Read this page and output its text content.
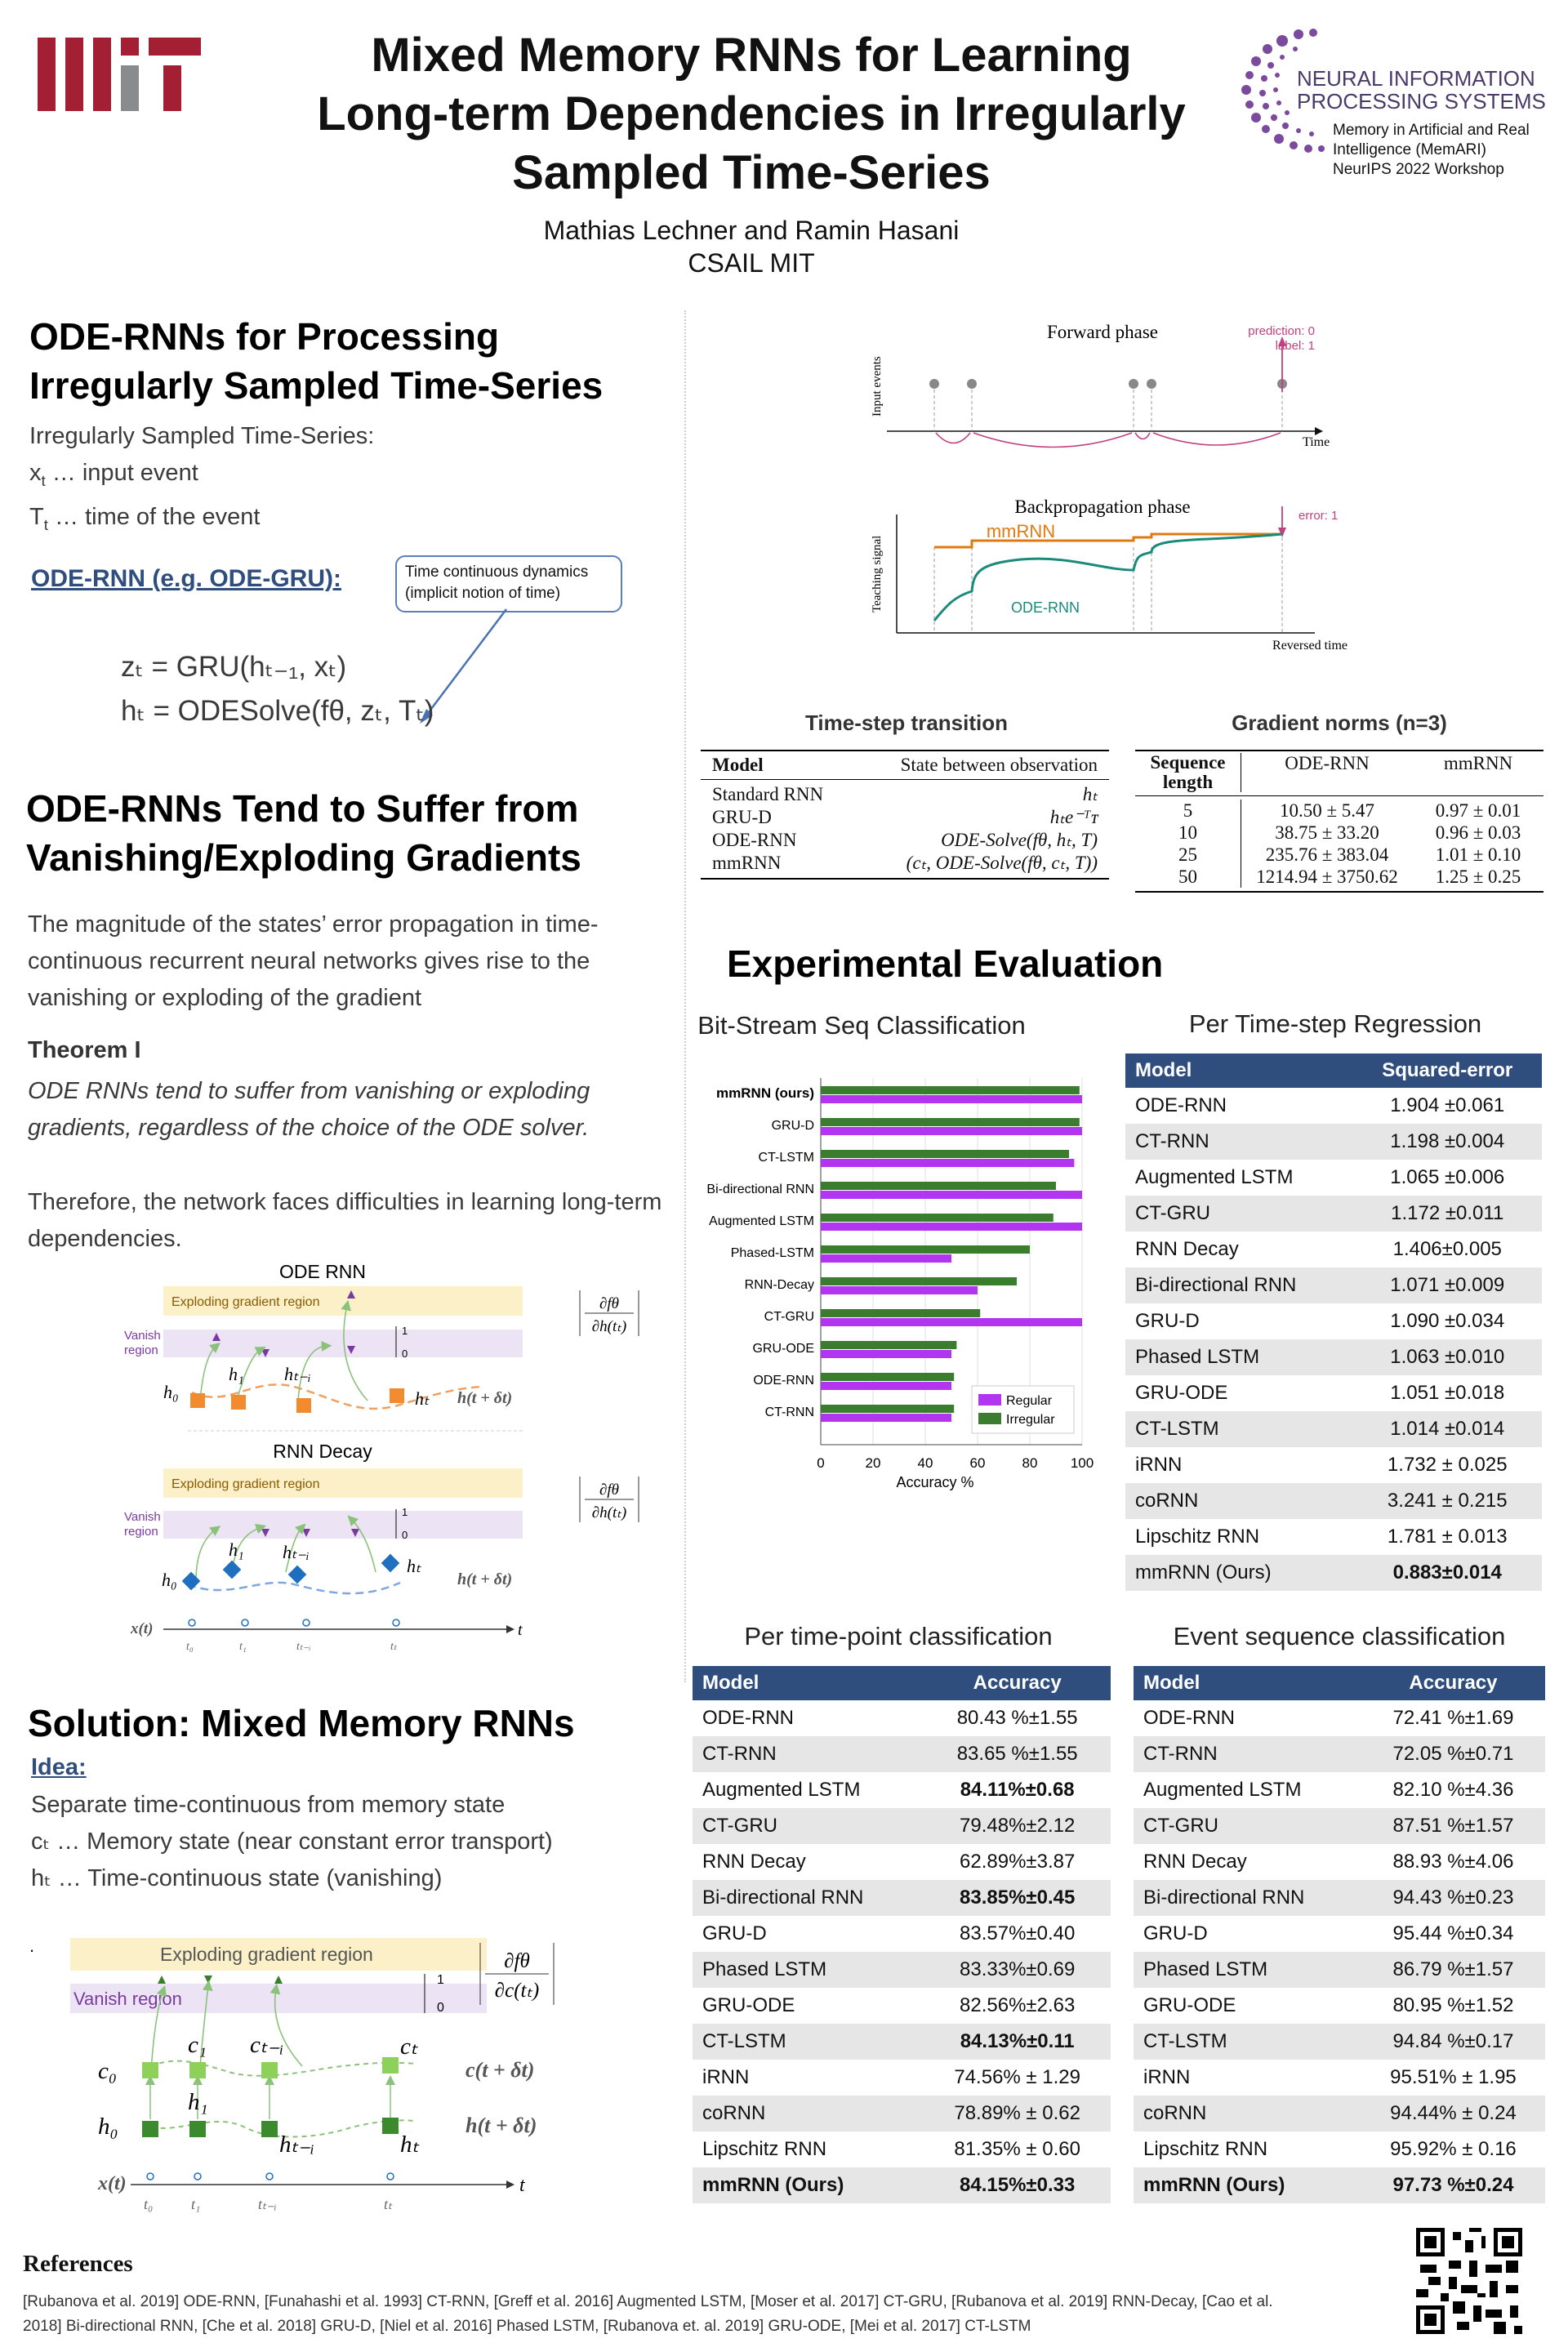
Mixed Memory RNNs for Learning Long-term Dependencies in Irregularly Sampled Time-Series
Mathias Lechner and Ramin Hasani
CSAIL MIT
NEURAL INFORMATION
PROCESSING SYSTEMS
Memory in Artificial and Real
Intelligence (MemARI)
NeurIPS 2022 Workshop
ODE-RNNs for Processing
Irregularly Sampled Time-Series
Irregularly Sampled Time-Series:
$x_t$ … input event
$T_t$ … time of the event
ODE-RNN (e.g. ODE-GRU):	Time continuous dynamics
(implicit notion of time)
zₜ = GRU(hₜ₋₁, xₜ)
hₜ = ODESolve(fθ, zₜ, Tₜ)
ODE-RNNs Tend to Suffer from
Vanishing/Exploding Gradients
The magnitude of the states’ error propagation in time-continuous recurrent neural networks gives rise to the vanishing or exploding of the gradient
Theorem I
ODE RNNs tend to suffer from vanishing or exploding gradients, regardless of the choice of the ODE solver.
Therefore, the network faces difficulties in learning long-term dependencies.
ODE RNN
Exploding gradient region
Vanish
region
1
0
∂fθ
∂h(tₜ)
h₀
h₁ hₜ₋ᵢ
hₜ h(t + δt)
RNN Decay
Exploding gradient region
Vanish
region
1
0
∂fθ
∂h(tₜ)
h₀
h₁ hₜ₋ᵢ
hₜ
h(t + δt)
x(t)	t
t₀	t₁	tₜ₋ᵢ	tₜ
Solution: Mixed Memory RNNs
Idea:
Separate time-continuous from memory state
cₜ … Memory state (near constant error transport)
hₜ … Time-continuous state (vanishing)
.	Exploding gradient region
Vanish region
1
0
∂fθ
∂c(tₜ)
c₀
c₁ cₜ₋ᵢ	cₜ
c(t + δt)
h₀
h₁
hₜ₋ᵢ	hₜ
h(t + δt)
x(t)	t
t₀	t₁	tₜ₋ᵢ	tₜ
Forward phase
Input events
Time
prediction: 0
label: 1
Backpropagation phase
Teaching signal
Reversed time
error: 1
mmRNN
ODE-RNN
Time-step transition
Model	State between observation
Standard RNN	hₜ
GRU-D	hₜe⁻ᵀᴛ
ODE-RNN	ODE-Solve(fθ, hₜ, T)
mmRNN	(cₜ, ODE-Solve(fθ, cₜ, T))
Gradient norms (n=3)
Sequence length
ODE-RNN	mmRNN
5	10.50 ± 5.47	0.97 ± 0.01
10	38.75 ± 33.20	0.96 ± 0.03
25	235.76 ± 383.04	1.01 ± 0.10
50	1214.94 ± 3750.62	1.25 ± 0.25
Experimental Evaluation
Bit-Stream Seq Classification
0	20	40	60	80 100
Accuracy %
mmRNN (ours)
GRU-D
CT-LSTM
Bi-directional RNN
Augmented LSTM
Phased-LSTM
RNN-Decay
CT-GRU
GRU-ODE
ODE-RNN
CT-RNN
Regular
Irregular
Per Time-step Regression
Model	Squared-error
ODE-RNN	1.904 ±0.061
CT-RNN	1.198 ±0.004
Augmented LSTM	1.065 ±0.006
CT-GRU	1.172 ±0.011
RNN Decay	1.406±0.005
Bi-directional RNN	1.071 ±0.009
GRU-D	1.090 ±0.034
Phased LSTM	1.063 ±0.010
GRU-ODE	1.051 ±0.018
CT-LSTM	1.014 ±0.014
iRNN	1.732 ± 0.025
coRNN	3.241 ± 0.215
Lipschitz RNN	1.781 ± 0.013
mmRNN (Ours)	0.883±0.014
Per time-point classification
Model	Accuracy
ODE-RNN	80.43 %±1.55
CT-RNN	83.65 %±1.55
Augmented LSTM	84.11%±0.68
CT-GRU	79.48%±2.12
RNN Decay	62.89%±3.87
Bi-directional RNN	83.85%±0.45
GRU-D	83.57%±0.40
Phased LSTM	83.33%±0.69
GRU-ODE	82.56%±2.63
CT-LSTM	84.13%±0.11
iRNN	74.56% ± 1.29
coRNN	78.89% ± 0.62
Lipschitz RNN	81.35% ± 0.60
mmRNN (Ours)	84.15%±0.33
Event sequence classification
Model	Accuracy
ODE-RNN	72.41 %±1.69
CT-RNN	72.05 %±0.71
Augmented LSTM	82.10 %±4.36
CT-GRU	87.51 %±1.57
RNN Decay	88.93 %±4.06
Bi-directional RNN	94.43 %±0.23
GRU-D	95.44 %±0.34
Phased LSTM	86.79 %±1.57
GRU-ODE	80.95 %±1.52
CT-LSTM	94.84 %±0.17
iRNN	95.51% ± 1.95
coRNN	94.44% ± 0.24
Lipschitz RNN	95.92% ± 0.16
mmRNN (Ours)	97.73 %±0.24
References
[Rubanova et al. 2019] ODE-RNN, [Funahashi et al. 1993] CT-RNN, [Greff et al. 2016] Augmented LSTM, [Moser et al. 2017] CT-GRU, [Rubanova et al. 2019] RNN-Decay, [Cao et al. 2018] Bi-directional RNN, [Che et al. 2018] GRU-D, [Niel et al. 2016] Phased LSTM, [Rubanova et. al. 2019] GRU-ODE, [Mei et al. 2017] CT-LSTM
